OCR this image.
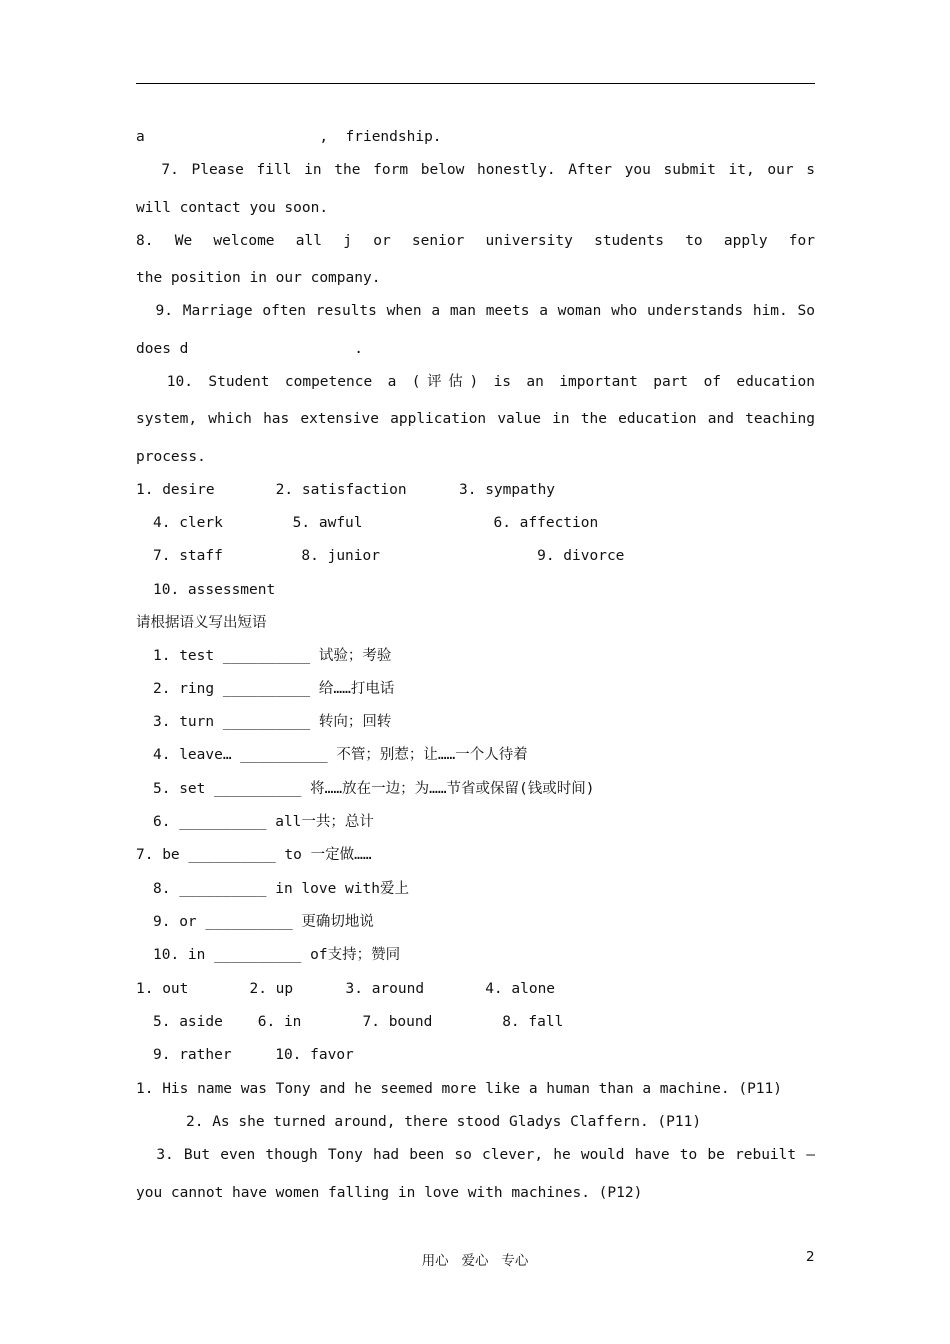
a                    ,  friendship.
7. Please fill in the form below honestly. After you submit it, our s
will contact you soon.
8. We welcome all j or senior university students to apply for
the position in our company.
9. Marriage often results when a man meets a woman who understands him. So
does d                   .
10. Student competence a (评估) is an important part of education
system, which has extensive application value in the education and teaching
process.
1. desire       2. satisfaction      3. sympathy
4. clerk        5. awful               6. affection
7. staff         8. junior                  9. divorce
10. assessment
请根据语义写出短语
1. test __________ 试验；考验
2. ring __________ 给……打电话
3. turn __________ 转向；回转
4. leave… __________ 不管；别惹；让……一个人待着
5. set __________ 将……放在一边；为……节省或保留(钱或时间)
6. __________ all一共；总计
7. be __________ to 一定做……
8. __________ in love with爱上
9. or __________ 更确切地说
10. in __________ of支持；赞同
1. out       2. up      3. around       4. alone
5. aside    6. in       7. bound        8. fall
9. rather     10. favor
1. His name was Tony and he seemed more like a human than a machine. (P11)
2. As she turned around, there stood Gladys Claffern. (P11)
3. But even though Tony had been so clever, he would have to be rebuilt —
you cannot have women falling in love with machines. (P12)
用心   爱心   专心	2
